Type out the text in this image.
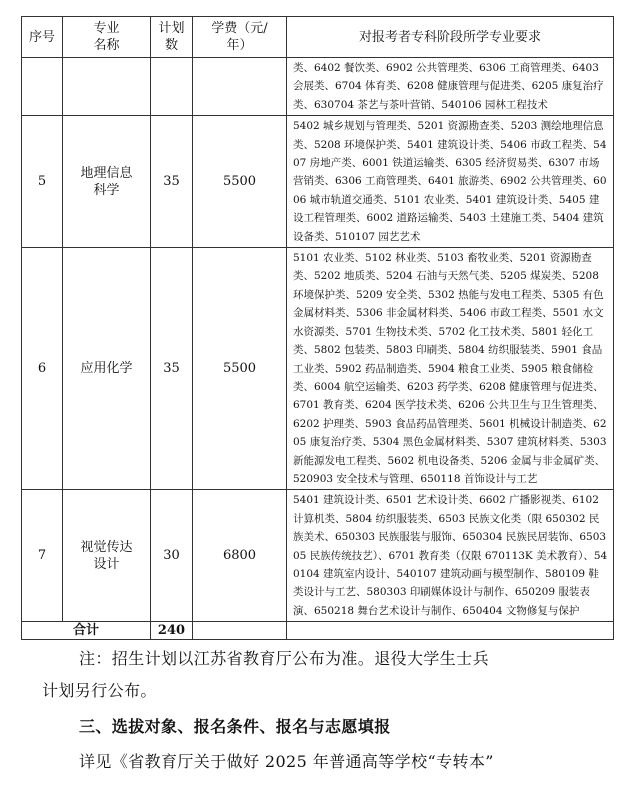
序号	专业名称	计划数	学费（元/年）	对报考者专科阶段所学专业要求
				类、6402 餐饮类、6902 公共管理类、6306 工商管理类、6403 会展类、6704 体育类、6208 健康管理与促进类、6205 康复治疗类、630704 茶艺与茶叶营销、540106 园林工程技术
5	地理信息科学	35	5500	5402 城乡规划与管理类、5201 资源勘查类、5203 测绘地理信息类、5208 环境保护类、5401 建筑设计类、5406 市政工程类、5407 房地产类、6001 铁道运输类、6305 经济贸易类、6307 市场营销类、6306 工商管理类、6401 旅游类、6902 公共管理类、6006 城市轨道交通类、5101 农业类、5401 建筑设计类、5405 建设工程管理类、6002 道路运输类、5403 土建施工类、5404 建筑设备类、510107 园艺艺术
6	应用化学	35	5500	5101 农业类、5102 林业类、5103 畜牧业类、5201 资源勘查类、5202 地质类、5204 石油与天然气类、5205 煤炭类、5208 环境保护类、5209 安全类、5302 热能与发电工程类、5305 有色金属材料类、5306 非金属材料类、5406 市政工程类、5501 水文水资源类、5701 生物技术类、5702 化工技术类、5801 轻化工类、5802 包装类、5803 印刷类、5804 纺织服装类、5901 食品工业类、5902 药品制造类、5904 粮食工业类、5905 粮食储检类、6004 航空运输类、6203 药学类、6208 健康管理与促进类、6701 教育类、6204 医学技术类、6206 公共卫生与卫生管理类、6202 护理类、5903 食品药品管理类、5601 机械设计制造类、6205 康复治疗类、5304 黑色金属材料类、5307 建筑材料类、5303 新能源发电工程类、5602 机电设备类、5206 金属与非金属矿类、520903 安全技术与管理、650118 首饰设计与工艺
7	视觉传达设计	30	6800	5401 建筑设计类、6501 艺术设计类、6602 广播影视类、6102 计算机类、5804 纺织服装类、6503 民族文化类（限 650302 民族美术、650303 民族服装与服饰、650304 民族民居装饰、650305 民族传统技艺）、6701 教育类（仅限 670113K 美术教育）、540104 建筑室内设计、540107 建筑动画与模型制作、580109 鞋类设计与工艺、580303 印刷媒体设计与制作、650209 服装表演、650218 舞台艺术设计与制作、650404 文物修复与保护
合计		240		
注：招生计划以江苏省教育厅公布为准。退役大学生士兵
计划另行公布。
三、选拔对象、报名条件、报名与志愿填报
详见《省教育厅关于做好 2025 年普通高等学校“专转本”
